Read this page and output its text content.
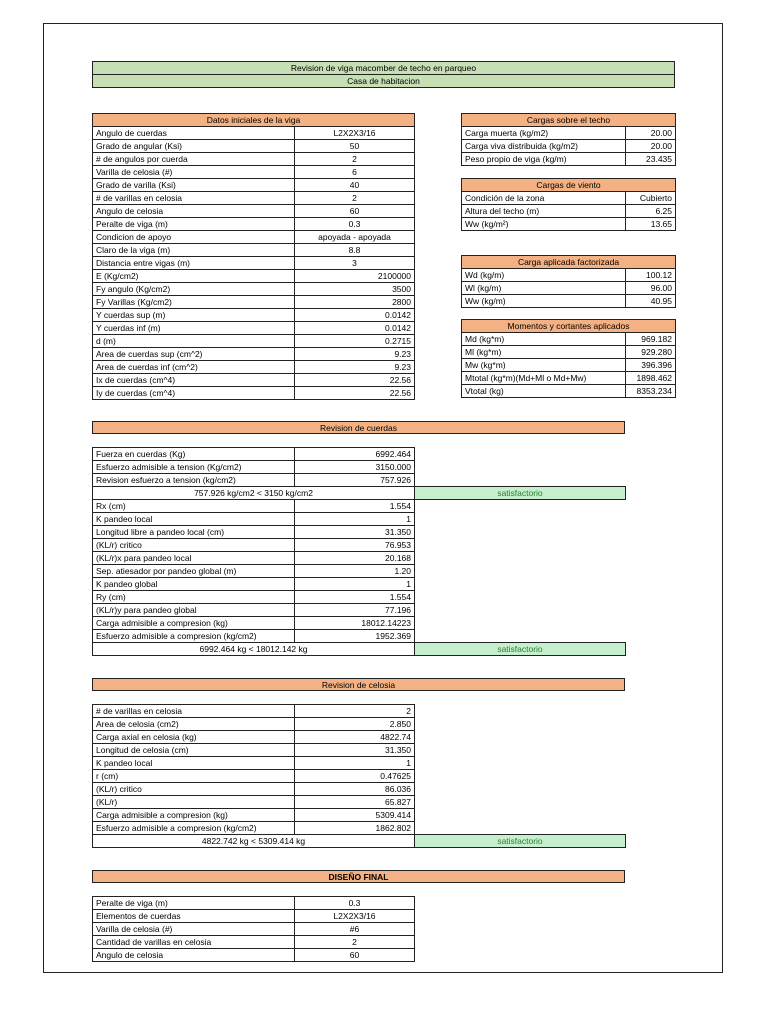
Revision de viga macomber de techo en parqueo
Casa de habitacion
Datos iniciales de la viga	
Angulo de cuerdas	L2X2X3/16
Grado de angular (Ksi)	50
# de angulos por cuerda	2
Varilla de celosia (#)	6
Grado de varilla (Ksi)	40
# de varillas en celosia	2
Angulo de celosia	60
Peralte de viga (m)	0.3
Condicion de apoyo	apoyada - apoyada
Claro de la viga (m)	8.8
Distancia entre vigas (m)	3
E (Kg/cm2)	2100000
Fy angulo (Kg/cm2)	3500
Fy Varillas (Kg/cm2)	2800
Y cuerdas sup (m)	0.0142
Y cuerdas inf (m)	0.0142
d (m)	0.2715
Area de cuerdas sup (cm^2)	9.23
Area de cuerdas inf (cm^2)	9.23
Ix de cuerdas (cm^4)	22.56
Iy de cuerdas (cm^4)	22.56
Cargas sobre el techo	
Carga muerta (kg/m2)	20.00
Carga viva distribuida (kg/m2)	20.00
Peso propio de viga (kg/m)	23.435
Cargas de viento	
Condición de la zona	Cubierto
Altura del techo (m)	6.25
Ww (kg/m²)	13.65
Carga aplicada factorizada	
Wd (kg/m)	100.12
Wl (kg/m)	96.00
Ww (kg/m)	40.95
Momentos y cortantes aplicados	
Md (kg*m)	969.182
Ml (kg*m)	929.280
Mw (kg*m)	396.396
Mtotal (kg*m)(Md+Ml o Md+Mw)	1898.462
Vtotal (kg)	8353.234
Revision de cuerdas
Fuerza en cuerdas (Kg)	6992.464	
Esfuerzo admisible a tension (Kg/cm2)	3150.000	
Revision esfuerzo a tension (kg/cm2)	757.926	
757.926 kg/cm2 < 3150 kg/cm2		satisfactorio
Rx (cm)	1.554	
K pandeo local	1	
Longitud libre a pandeo local (cm)	31.350	
(KL/r) critico	76.953	
(KL/r)x para pandeo local	20.168	
Sep. atiesador por pandeo global (m)	1.20	
K pandeo global	1	
Ry (cm)	1.554	
(KL/r)y para pandeo global	77.196	
Carga admisible a compresion (kg)	18012.14223	
Esfuerzo admisible a compresion (kg/cm2)	1952.369	
6992.464 kg < 18012.142 kg		satisfactorio
Revision de celosia
# de varillas en celosia	2	
Area de celosia (cm2)	2.850	
Carga axial en celosia (kg)	4822.74	
Longitud de celosia (cm)	31.350	
K pandeo local	1	
r (cm)	0.47625	
(KL/r) critico	86.036	
(KL/r)	65.827	
Carga admisible a compresion (kg)	5309.414	
Esfuerzo admisible a compresion (kg/cm2)	1862.802	
4822.742 kg < 5309.414 kg		satisfactorio
DISEÑO FINAL
Peralte de viga (m)	0.3
Elementos de cuerdas	L2X2X3/16
Varilla de celosia (#)	#6
Cantidad de varillas en celosia	2
Angulo de celosia	60
